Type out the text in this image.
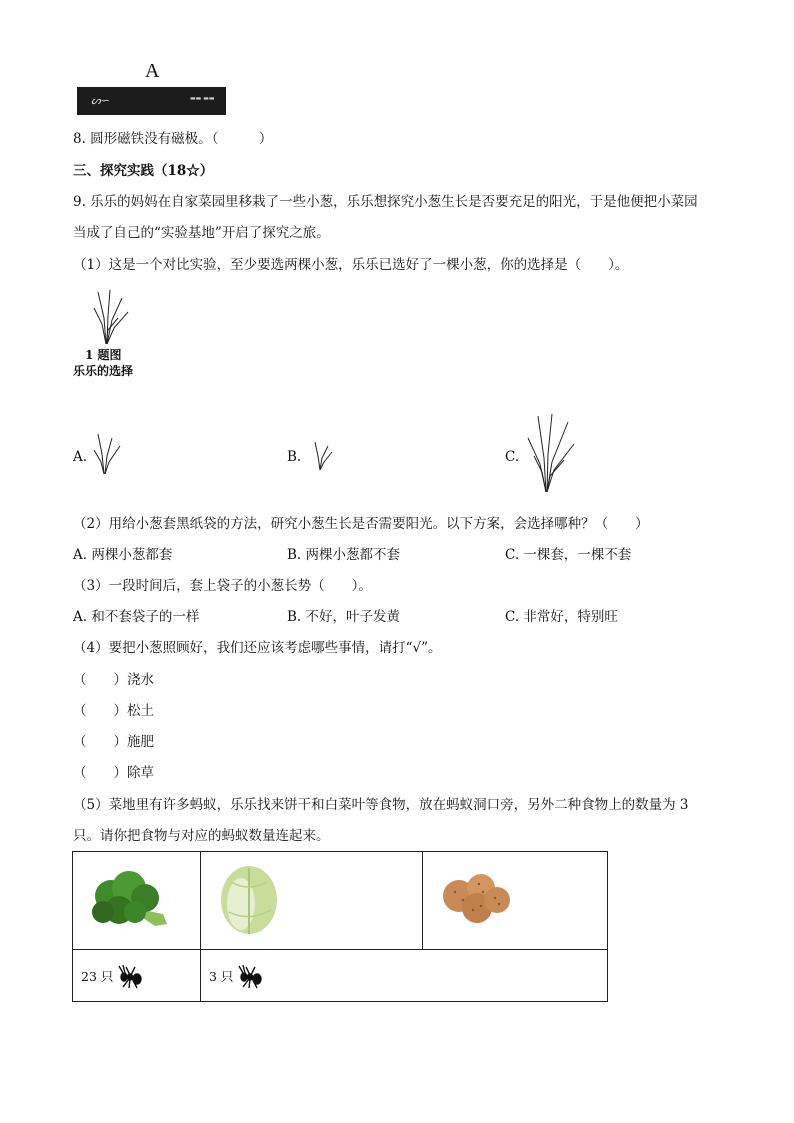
A
ᔕ∽	▬▬ ▬▬
8. 圆形磁铁没有磁极。（　　　）
三、探究实践（18☆）
9. 乐乐的妈妈在自家菜园里移栽了一些小葱，乐乐想探究小葱生长是否要充足的阳光，于是他便把小菜园
当成了自己的“实验基地”开启了探究之旅。
（1）这是一个对比实验，至少要选两棵小葱，乐乐已选好了一棵小葱，你的选择是（　　）。
1 题图
乐乐的选择
A.	B.	C.
（2）用给小葱套黑纸袋的方法，研究小葱生长是否需要阳光。以下方案，会选择哪种？（　　）
A. 两棵小葱都套	B. 两棵小葱都不套	C. 一棵套，一棵不套
（3）一段时间后，套上袋子的小葱长势（　　）。
A. 和不套袋子的一样	B. 不好，叶子发黄	C. 非常好，特别旺
（4）要把小葱照顾好，我们还应该考虑哪些事情，请打“√”。
（　　）浇水
（　　）松土
（　　）施肥
（　　）除草
（5）菜地里有许多蚂蚁，乐乐找来饼干和白菜叶等食物，放在蚂蚁洞口旁，另外二种食物上的数量为 3
只。请你把食物与对应的蚂蚁数量连起来。

23 只	3 只	
